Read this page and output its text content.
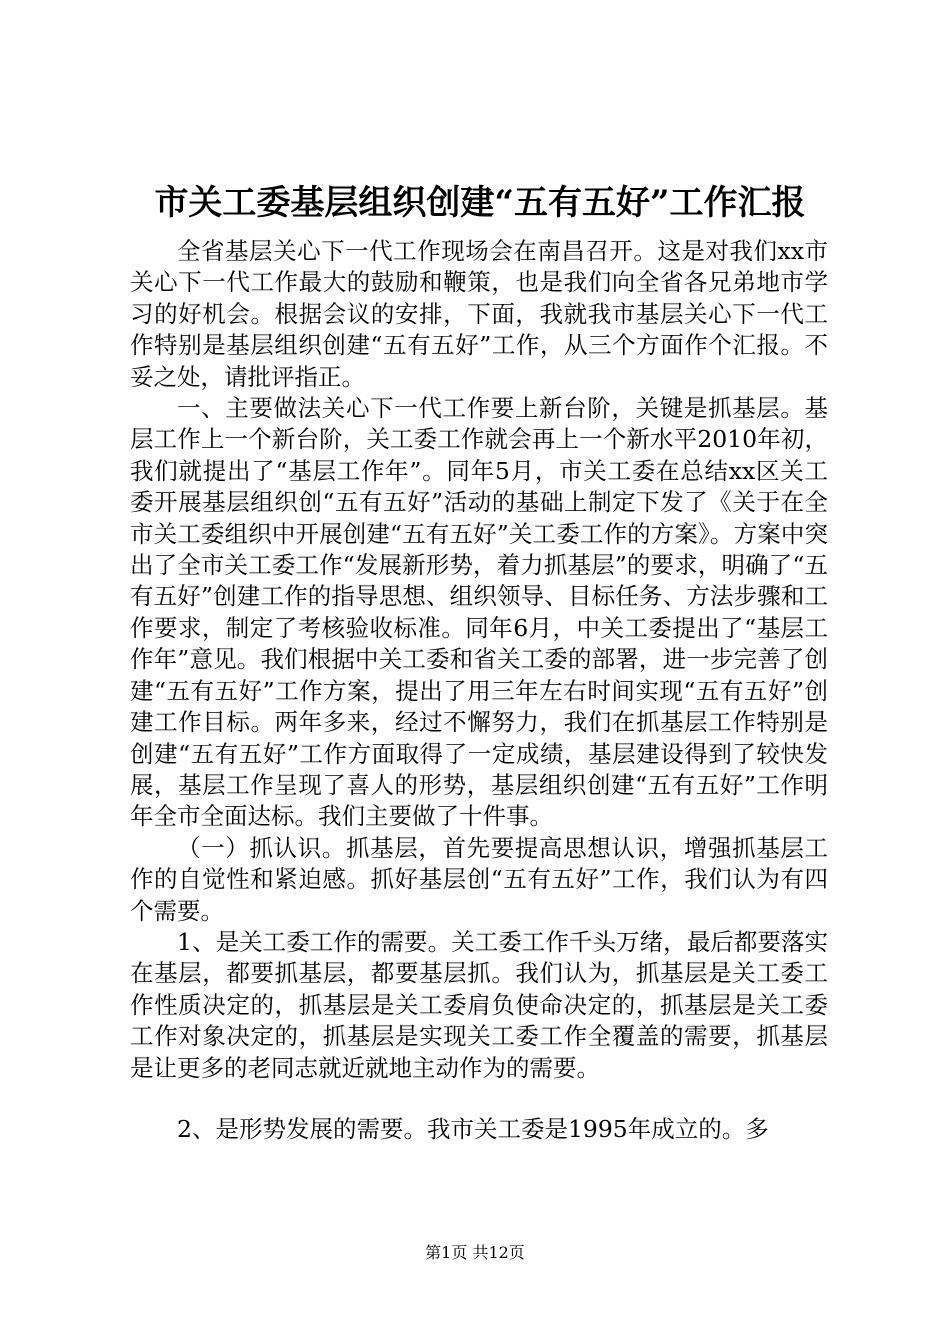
市关工委基层组织创建“五有五好”工作汇报

全省基层关心下一代工作现场会在南昌召开。这是对我们xx市关心下一代工作最大的鼓励和鞭策，也是我们向全省各兄弟地市学习的好机会。根据会议的安排，下面，我就我市基层关心下一代工作特别是基层组织创建“五有五好”工作，从三个方面作个汇报。不妥之处，请批评指正。

一、主要做法关心下一代工作要上新台阶，关键是抓基层。基层工作上一个新台阶，关工委工作就会再上一个新水平2010年初，我们就提出了“基层工作年”。同年5月，市关工委在总结xx区关工委开展基层组织创“五有五好”活动的基础上制定下发了《关于在全市关工委组织中开展创建“五有五好”关工委工作的方案》。方案中突出了全市关工委工作“发展新形势，着力抓基层”的要求，明确了“五有五好”创建工作的指导思想、组织领导、目标任务、方法步骤和工作要求，制定了考核验收标准。同年6月，中关工委提出了“基层工作年”意见。我们根据中关工委和省关工委的部署，进一步完善了创建“五有五好”工作方案，提出了用三年左右时间实现“五有五好”创建工作目标。两年多来，经过不懈努力，我们在抓基层工作特别是创建“五有五好”工作方面取得了一定成绩，基层建设得到了较快发展，基层工作呈现了喜人的形势，基层组织创建“五有五好”工作明年全市全面达标。我们主要做了十件事。

（一）抓认识。抓基层，首先要提高思想认识，增强抓基层工作的自觉性和紧迫感。抓好基层创“五有五好”工作，我们认为有四个需要。

1、是关工委工作的需要。关工委工作千头万绪，最后都要落实在基层，都要抓基层，都要基层抓。我们认为，抓基层是关工委工作性质决定的，抓基层是关工委肩负使命决定的，抓基层是关工委工作对象决定的，抓基层是实现关工委工作全覆盖的需要，抓基层是让更多的老同志就近就地主动作为的需要。

2、是形势发展的需要。我市关工委是1995年成立的。多

第1页 共12页
